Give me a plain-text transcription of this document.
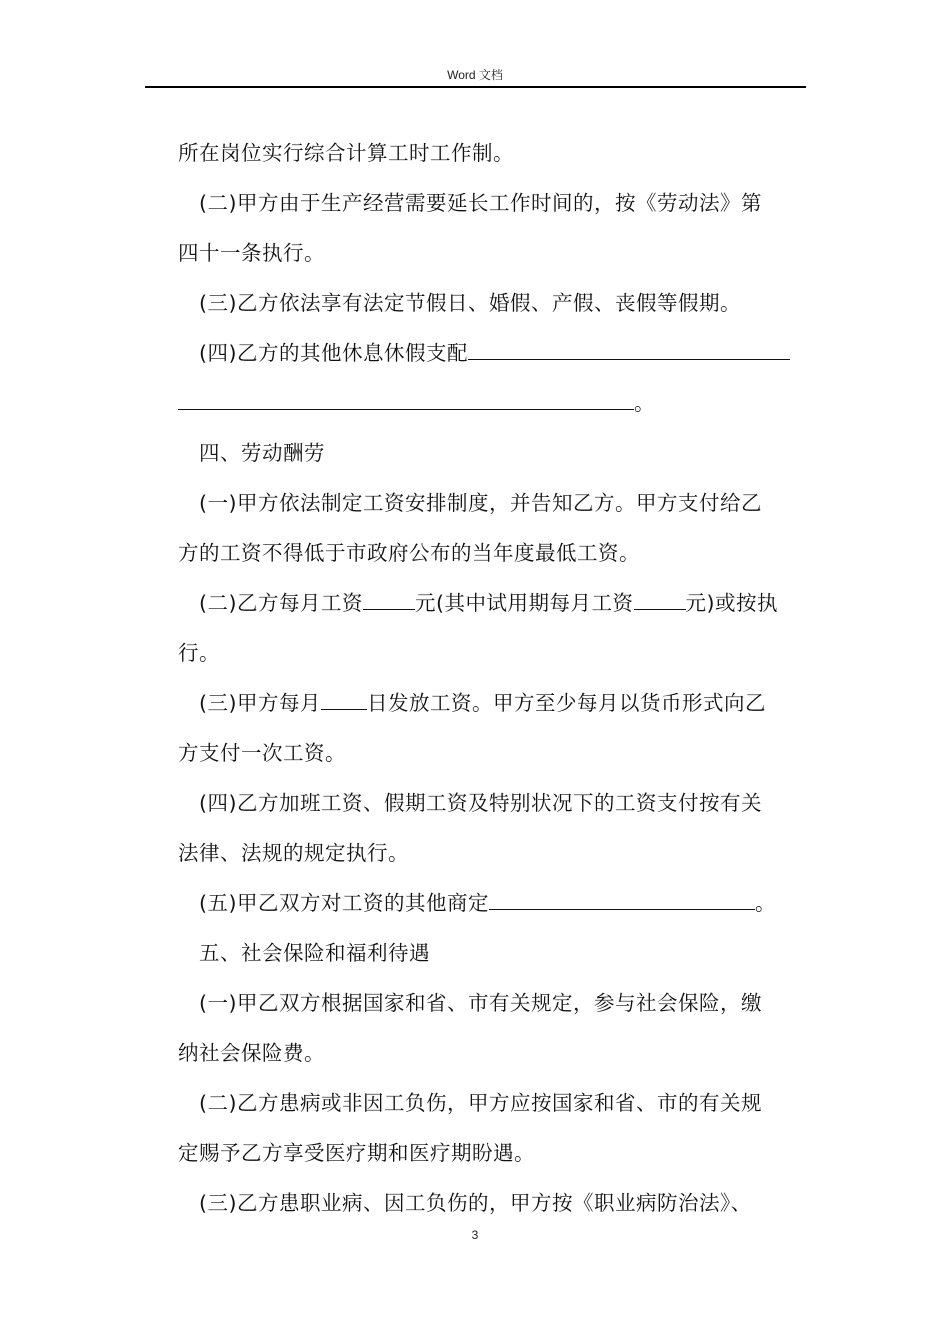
Word 文档
所在岗位实行综合计算工时工作制。
(二)甲方由于生产经营需要延长工作时间的，按《劳动法》第
四十一条执行。
(三)乙方依法享有法定节假日、婚假、产假、丧假等假期。
(四)乙方的其他休息休假支配
。
四、劳动酬劳
(一)甲方依法制定工资安排制度，并告知乙方。甲方支付给乙
方的工资不得低于市政府公布的当年度最低工资。
(二)乙方每月工资	元(其中试用期每月工资	元)或按执
行。
(三)甲方每月 日发放工资。甲方至少每月以货币形式向乙
方支付一次工资。
(四)乙方加班工资、假期工资及特别状况下的工资支付按有关
法律、法规的规定执行。
(五)甲乙双方对工资的其他商定	。
五、社会保险和福利待遇
(一)甲乙双方根据国家和省、市有关规定，参与社会保险，缴
纳社会保险费。
(二)乙方患病或非因工负伤，甲方应按国家和省、市的有关规
定赐予乙方享受医疗期和医疗期盼遇。
(三)乙方患职业病、因工负伤的，甲方按《职业病防治法》、
3
